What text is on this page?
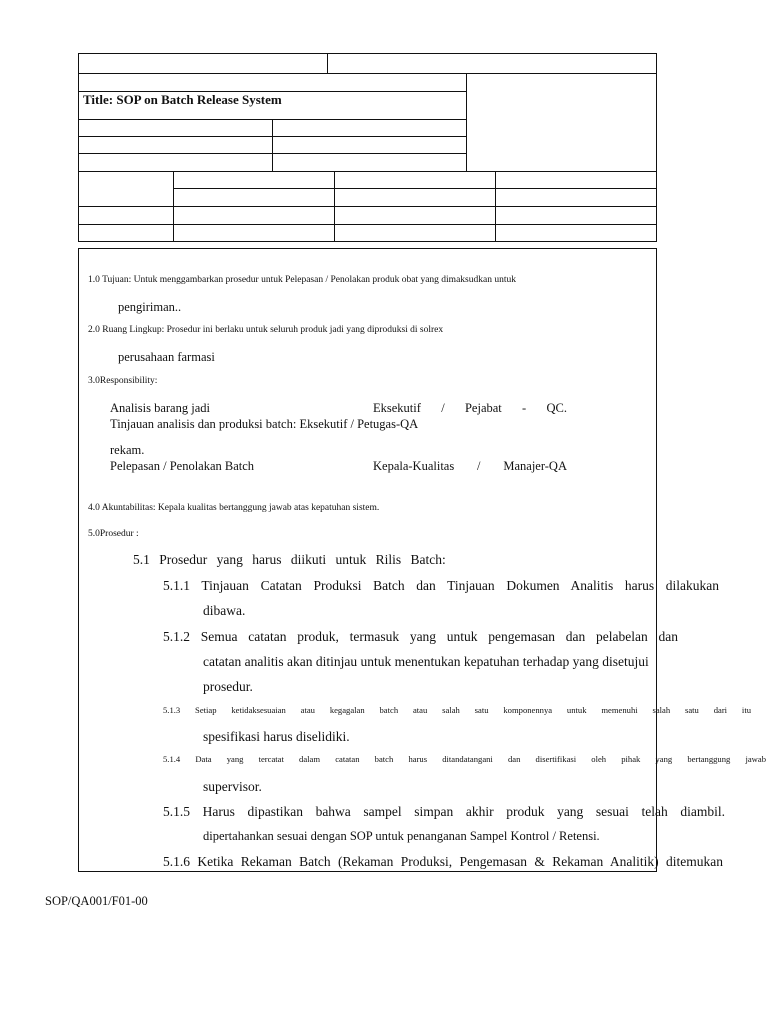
Title: SOP on Batch Release System
1.0 Tujuan: Untuk menggambarkan prosedur untuk Pelepasan / Penolakan produk obat yang dimaksudkan untuk
pengiriman..
2.0 Ruang Lingkup: Prosedur ini berlaku untuk seluruh produk jadi yang diproduksi di solrex
perusahaan farmasi
3.0Responsibility:
Analisis barang jadi	Eksekutif / Pejabat - QC.
Tinjauan analisis dan produksi batch: Eksekutif / Petugas-QA
rekam.
Pelepasan / Penolakan Batch	Kepala-Kualitas / Manajer-QA
4.0 Akuntabilitas: Kepala kualitas bertanggung jawab atas kepatuhan sistem.
5.0Prosedur :
5.1 Prosedur yang harus diikuti untuk Rilis Batch:
5.1.1 Tinjauan Catatan Produksi Batch dan Tinjauan Dokumen Analitis harus dilakukan
dibawa.
5.1.2 Semua catatan produk, termasuk yang untuk pengemasan dan pelabelan dan
catatan analitis akan ditinjau untuk menentukan kepatuhan terhadap yang disetujui
prosedur.
5.1.3 Setiap ketidaksesuaian atau kegagalan batch atau salah satu komponennya untuk memenuhi salah satu dari itu
spesifikasi harus diselidiki.
5.1.4 Data yang tercatat dalam catatan batch harus ditandatangani dan disertifikasi oleh pihak yang bertanggung jawab
supervisor.
5.1.5 Harus dipastikan bahwa sampel simpan akhir produk yang sesuai telah diambil.
dipertahankan sesuai dengan SOP untuk penanganan Sampel Kontrol / Retensi.
5.1.6 Ketika Rekaman Batch (Rekaman Produksi, Pengemasan & Rekaman Analitik) ditemukan
SOP/QA001/F01-00
